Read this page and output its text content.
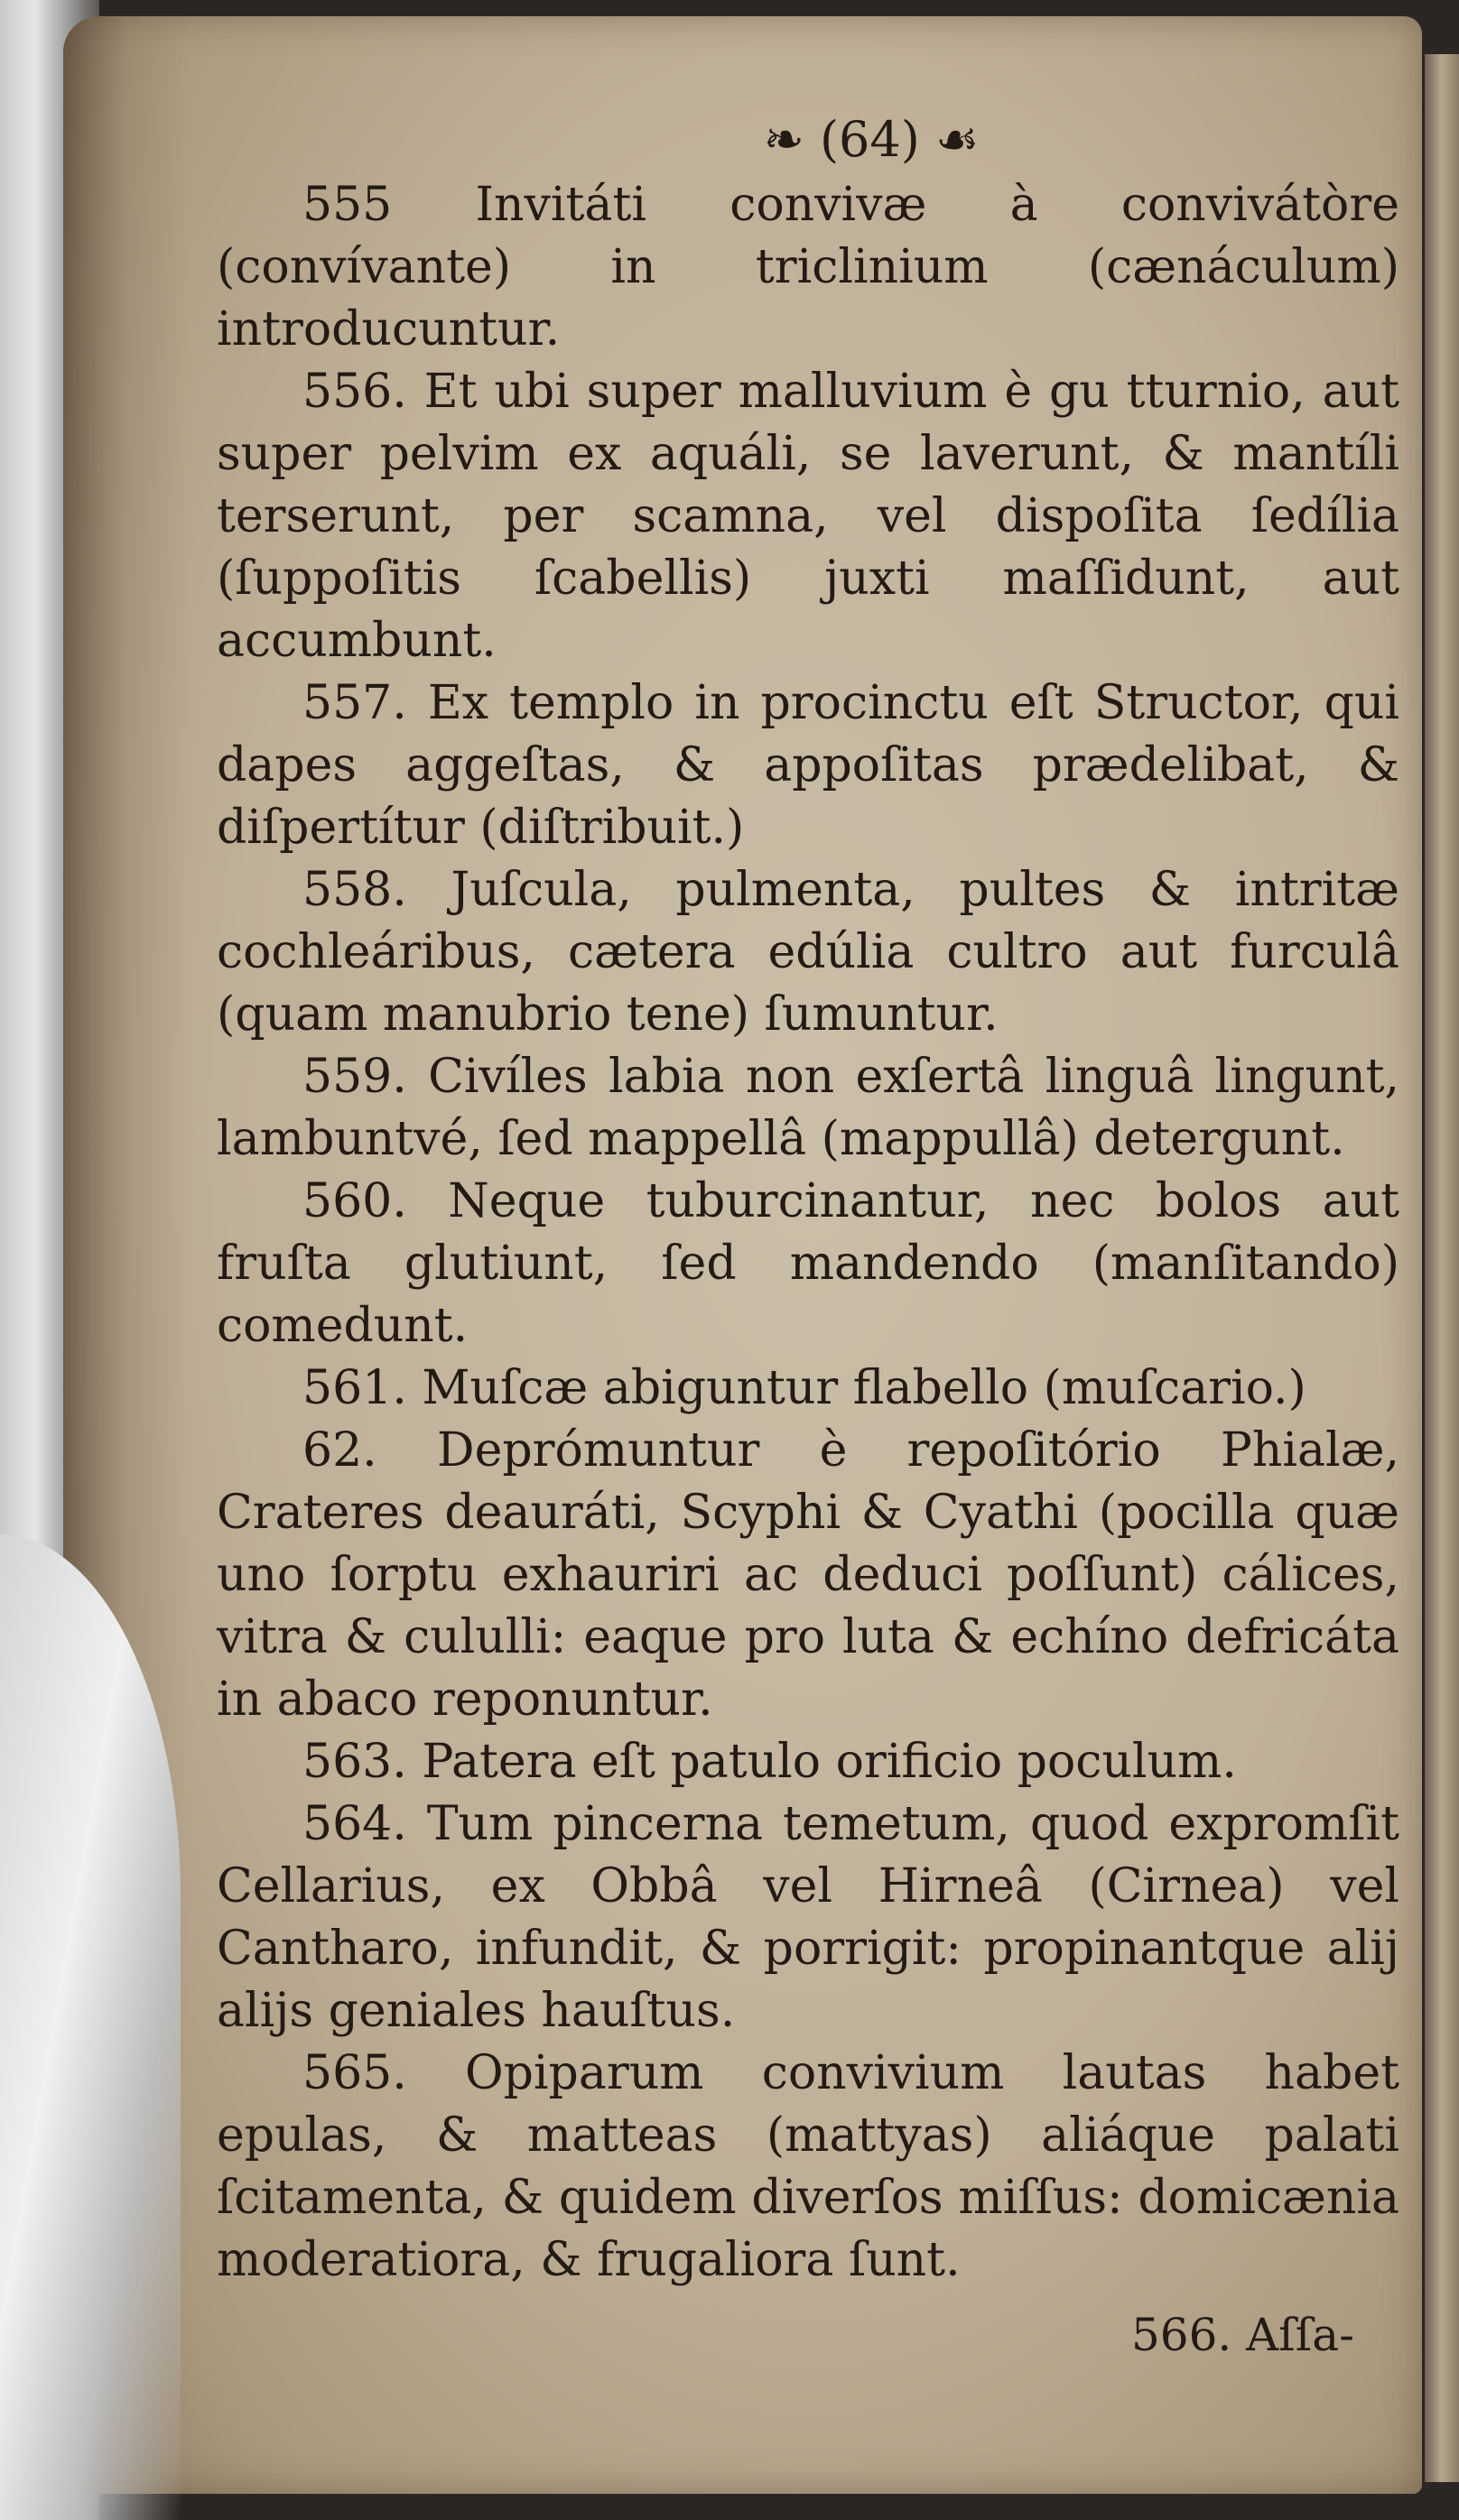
❧ (64) ☙

555 Invitáti convivæ à convivátòre (convívante) in triclinium (cænáculum) introducuntur.

556. Et ubi super malluvium è gu tturnio, aut super pelvim ex aquáli, se laverunt, & mantíli terserunt, per scamna, vel dispoſita ſedília (ſuppoſitis ſcabellis) juxti maſſidunt, aut accumbunt.

557. Ex templo in procinctu eſt Structor, qui dapes aggeſtas, & appoſitas prædelibat, & diſpertítur (diſtribuit.)

558. Juſcula, pulmenta, pultes & intritæ cochleáribus, cætera edúlia cultro aut furculâ (quam manubrio tene) ſumuntur.

559. Civíles labia non exſertâ linguâ lingunt, lambuntvé, ſed mappellâ (mappullâ) detergunt.

560. Neque tuburcinantur, nec bolos aut fruſta glutiunt, ſed mandendo (manſitando) comedunt.

561. Muſcæ abiguntur flabello (muſcario.)

62. Deprómuntur è repoſitório Phialæ, Crateres deauráti, Scyphi & Cyathi (pocilla quæ uno ſorptu exhauriri ac deduci poſſunt) cálices, vitra & cululli: eaque pro luta & echíno defricáta in abaco reponuntur.

563. Patera eſt patulo orificio poculum.

564. Tum pincerna temetum, quod expromſit Cellarius, ex Obbâ vel Hirneâ (Cirnea) vel Cantharo, infundit, & porrigit: propinantque alij alijs geniales hauſtus.

565. Opiparum convivium lautas habet epulas, & matteas (mattyas) aliáque palati ſcitamenta, & quidem diverſos miſſus: domicænia moderatiora, & frugaliora ſunt.

566. Aſſa-
